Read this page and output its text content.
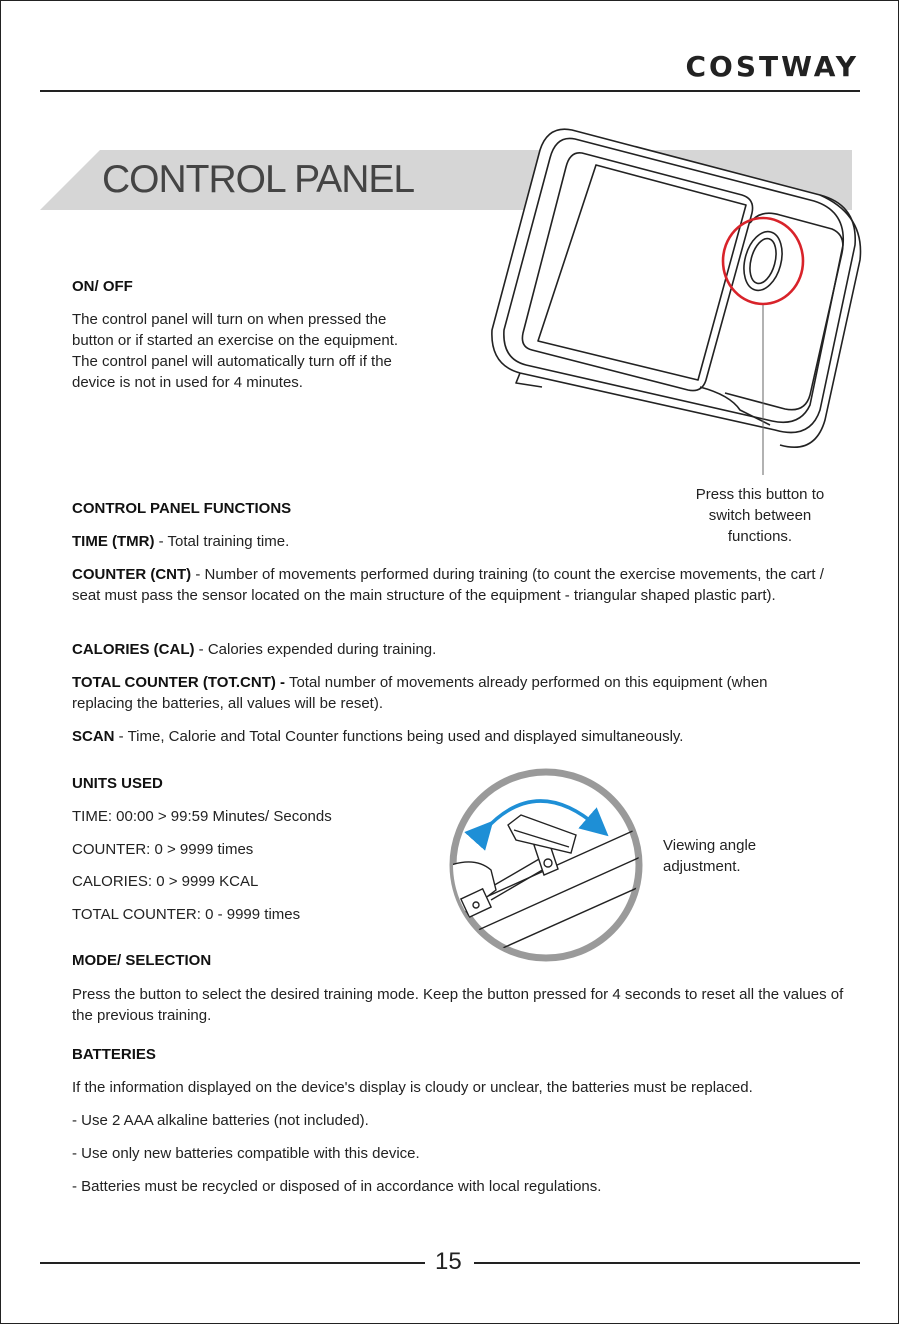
COSTWAY
CONTROL PANEL
ON/ OFF
The control panel will turn on when pressed the
button or if started an exercise on the equipment.
The control panel will automatically turn off if the
device is not in used for 4 minutes.
Press this button to
switch between
functions.
CONTROL PANEL FUNCTIONS
TIME (TMR) - Total training time.
COUNTER (CNT) - Number of movements performed during training (to count the exercise movements, the cart / seat must pass the sensor located on the main structure of the equipment - triangular shaped plastic part).
CALORIES (CAL) - Calories expended during training.
TOTAL COUNTER (TOT.CNT) - Total number of movements already performed on this equipment (when replacing the batteries, all values will be reset).
SCAN - Time, Calorie and Total Counter functions being used and displayed simultaneously.
UNITS USED
TIME: 00:00 > 99:59 Minutes/ Seconds
COUNTER: 0 > 9999 times
CALORIES: 0 > 9999 KCAL
TOTAL COUNTER: 0 - 9999 times
Viewing angle
adjustment.
MODE/ SELECTION
Press the button to select the desired training mode. Keep the button pressed for 4 seconds to reset all the values of the previous training.
BATTERIES
If the information displayed on the device's display is cloudy or unclear, the batteries must be replaced.
- Use 2 AAA alkaline batteries (not included).
- Use only new batteries compatible with this device.
- Batteries must be recycled or disposed of in accordance with local regulations.
15
